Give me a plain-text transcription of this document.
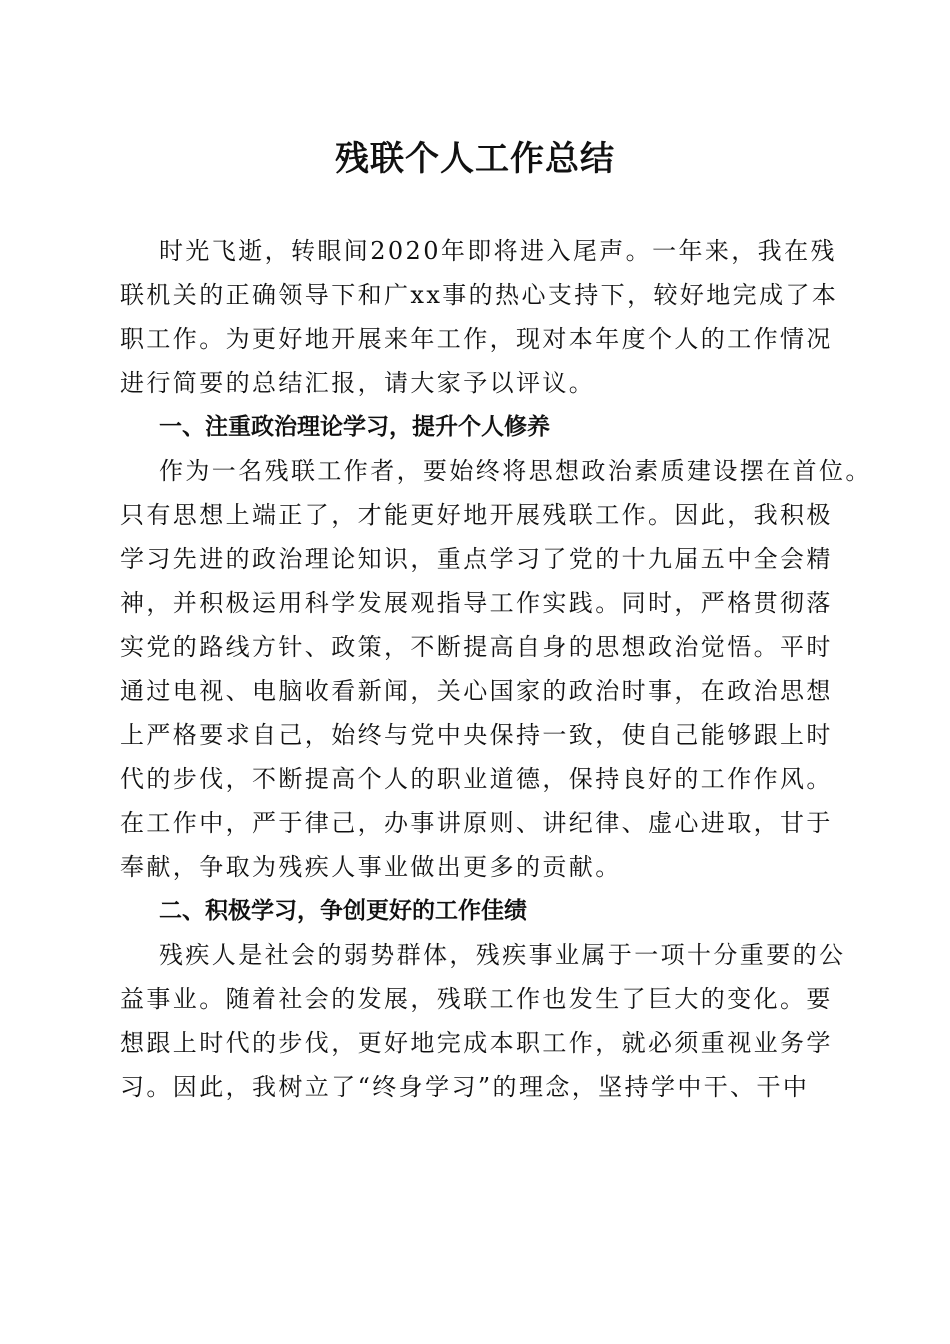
残联个人工作总结
时光飞逝，转眼间2020年即将进入尾声。一年来，我在残
联机关的正确领导下和广xx事的热心支持下，较好地完成了本
职工作。为更好地开展来年工作，现对本年度个人的工作情况
进行简要的总结汇报，请大家予以评议。
一、注重政治理论学习，提升个人修养
作为一名残联工作者，要始终将思想政治素质建设摆在首位。
只有思想上端正了，才能更好地开展残联工作。因此，我积极
学习先进的政治理论知识，重点学习了党的十九届五中全会精
神，并积极运用科学发展观指导工作实践。同时，严格贯彻落
实党的路线方针、政策，不断提高自身的思想政治觉悟。平时
通过电视、电脑收看新闻，关心国家的政治时事，在政治思想
上严格要求自己，始终与党中央保持一致，使自己能够跟上时
代的步伐，不断提高个人的职业道德，保持良好的工作作风。
在工作中，严于律己，办事讲原则、讲纪律、虚心进取，甘于
奉献，争取为残疾人事业做出更多的贡献。
二、积极学习，争创更好的工作佳绩
残疾人是社会的弱势群体，残疾事业属于一项十分重要的公
益事业。随着社会的发展，残联工作也发生了巨大的变化。要
想跟上时代的步伐，更好地完成本职工作，就必须重视业务学
习。因此，我树立了“终身学习”的理念，坚持学中干、干中
